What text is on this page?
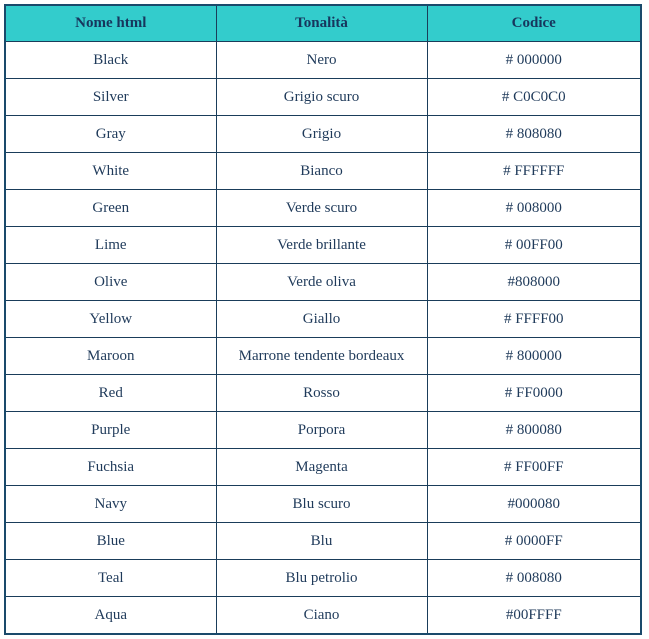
Nome html	Tonalità	Codice
Black	Nero	# 000000
Silver	Grigio scuro	# C0C0C0
Gray	Grigio	# 808080
White	Bianco	# FFFFFF
Green	Verde scuro	# 008000
Lime	Verde brillante	# 00FF00
Olive	Verde oliva	#808000
Yellow	Giallo	# FFFF00
Maroon	Marrone tendente bordeaux	# 800000
Red	Rosso	# FF0000
Purple	Porpora	# 800080
Fuchsia	Magenta	# FF00FF
Navy	Blu scuro	#000080
Blue	Blu	# 0000FF
Teal	Blu petrolio	# 008080
Aqua	Ciano	#00FFFF
